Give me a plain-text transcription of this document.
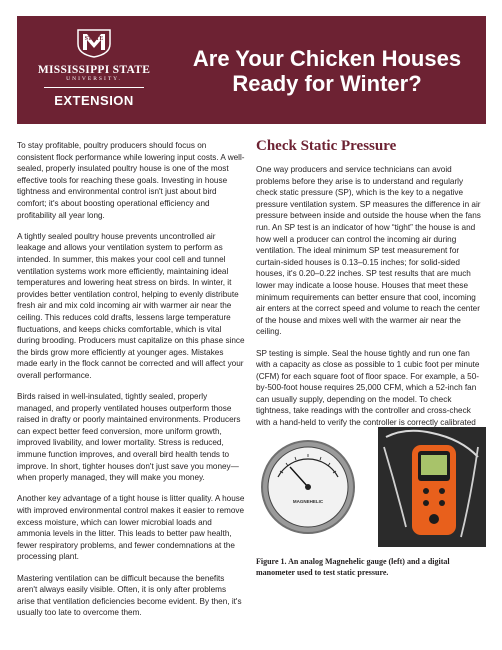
STATE
MISSISSIPPI STATE
UNIVERSITY.
EXTENSION
Are Your Chicken Houses
Ready for Winter?

To stay profitable, poultry producers should focus on consistent flock performance while lowering input costs. A well-sealed, properly insulated poultry house is one of the most effective tools for reaching these goals. Investing in house tightness and environmental control isn't just about bird comfort; it's about boosting operational efficiency and profitability all year long.

A tightly sealed poultry house prevents uncontrolled air leakage and allows your ventilation system to perform as intended. In summer, this makes your cool cell and tunnel ventilation systems work more efficiently, maintaining ideal temperatures and lowering heat stress on birds. In winter, it provides better ventilation control, helping to evenly distribute fresh air and mix cold incoming air with warmer air near the ceiling. This reduces cold drafts, lessens large temperature fluctuations, and keeps chicks comfortable, which is vital during brooding. Producers must capitalize on this phase since the birds grow more efficiently at younger ages. Mistakes made early in the flock cannot be corrected and will affect your overall performance.

Birds raised in well-insulated, tightly sealed, properly managed, and properly ventilated houses outperform those raised in drafty or poorly maintained environments. Producers can expect better feed conversion, more uniform growth, improved livability, and lower mortality. Stress is reduced, immune function improves, and overall bird health tends to improve. In short, tighter houses don't just save you money—when properly managed, they will make you money.

Another key advantage of a tight house is litter quality. A house with improved environmental control makes it easier to remove excess moisture, which can lower microbial loads and ammonia levels in the litter. This leads to better paw health, fewer respiratory problems, and fewer condemnations at the processing plant.

Mastering ventilation can be difficult because the benefits aren't always easily visible. Often, it is only after problems arise that ventilation deficiencies become evident. By then, it's usually too late to overcome them.

Check Static Pressure

One way producers and service technicians can avoid problems before they arise is to understand and regularly check static pressure (SP), which is the key to a negative pressure ventilation system. SP measures the difference in air pressure between inside and outside the house when the fans run. An SP test is an indicator of how “tight” the house is and how well a producer can control the incoming air during ventilation. The ideal minimum SP test measurement for curtain-sided houses is 0.13–0.15 inches; for solid-sided houses, it's 0.20–0.22 inches. SP test results that are much lower may indicate a loose house. Houses that meet these minimum requirements can better ensure that cool, incoming air enters at the correct speed and volume to reach the center of the house and mixes well with the warmer air near the ceiling.

SP testing is simple. Seal the house tightly and run one fan with a capacity as close as possible to 1 cubic foot per minute (CFM) for each square foot of floor space. For example, a 50-by-500-foot house requires 25,000 CFM, which a 52-inch fan can usually supply, depending on the model. To check tightness, take readings with the controller and cross-check with a hand-held to verify the controller is correctly calibrated

MAGNEHELIC
Figure 1. An analog Magnehelic gauge (left) and a digital manometer used to test static pressure.
